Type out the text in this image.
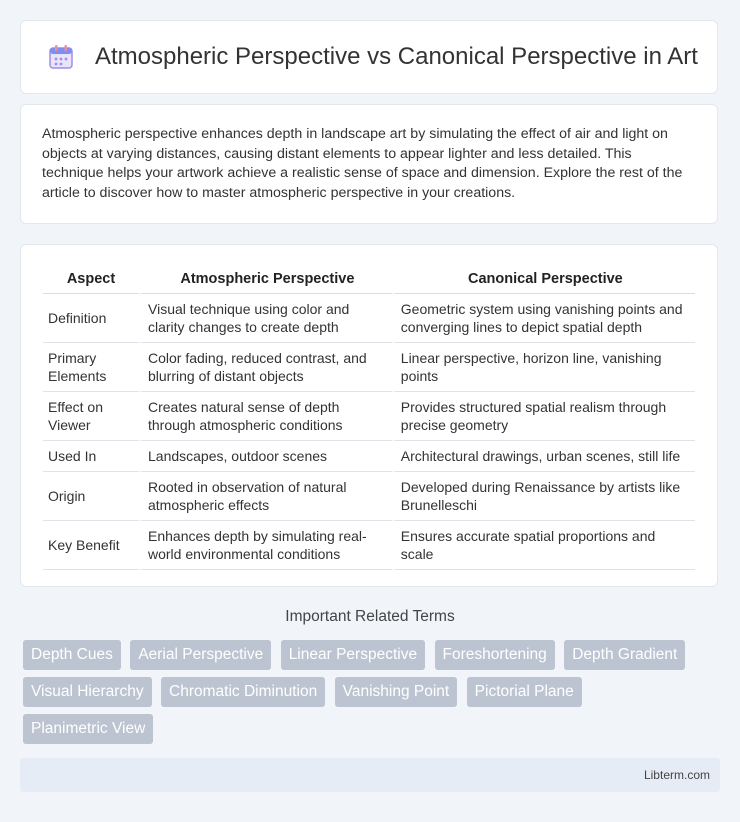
Atmospheric Perspective vs Canonical Perspective in Art

Atmospheric perspective enhances depth in landscape art by simulating the effect of air and light on objects at varying distances, causing distant elements to appear lighter and less detailed. This technique helps your artwork achieve a realistic sense of space and dimension. Explore the rest of the article to discover how to master atmospheric perspective in your creations.

Aspect	Atmospheric Perspective	Canonical Perspective
Definition	Visual technique using color and clarity changes to create depth	Geometric system using vanishing points and converging lines to depict spatial depth
Primary Elements	Color fading, reduced contrast, and blurring of distant objects	Linear perspective, horizon line, vanishing points
Effect on Viewer	Creates natural sense of depth through atmospheric conditions	Provides structured spatial realism through precise geometry
Used In	Landscapes, outdoor scenes	Architectural drawings, urban scenes, still life
Origin	Rooted in observation of natural atmospheric effects	Developed during Renaissance by artists like Brunelleschi
Key Benefit	Enhances depth by simulating real-world environmental conditions	Ensures accurate spatial proportions and scale
Important Related Terms
Depth Cues Aerial Perspective Linear Perspective Foreshortening Depth Gradient Visual Hierarchy Chromatic Diminution Vanishing Point Pictorial Plane Planimetric View
Libterm.com
